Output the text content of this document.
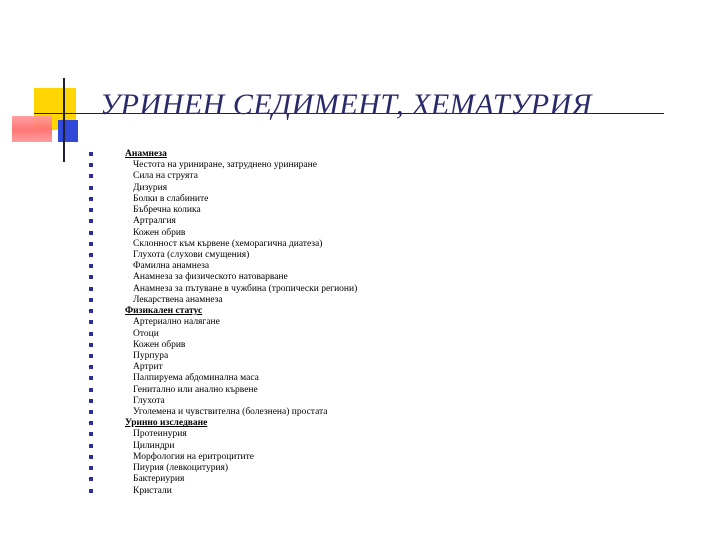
УРИНЕН СЕДИМЕНТ, ХЕМАТУРИЯ
Анамнеза
Честота на уриниране, затруднено уриниране
Сила на струята
Дизурия
Болки в слабините
Бъбречна колика
Артралгия
Кожен обрив
Склонност към кървене (хеморагична диатеза)
Глухота (слухови смущения)
Фамилна анамнеза
Анамнеза за физическото натоварване
Анамнеза за пътуване в чужбина (тропически региони)
Лекарствена анамнеза
Физикален статус
Артериално налягане
Отоци
Кожен обрив
Пурпура
Артрит
Палпируема абдоминална маса
Генитално или анално кървене
Глухота
Уголемена и чувствителна (болезнена) простата
Уринно изследване
Протеинурия
Цилиндри
Морфология на еритроцитите
Пиурия (левкоцитурия)
Бактериурия
Кристали
